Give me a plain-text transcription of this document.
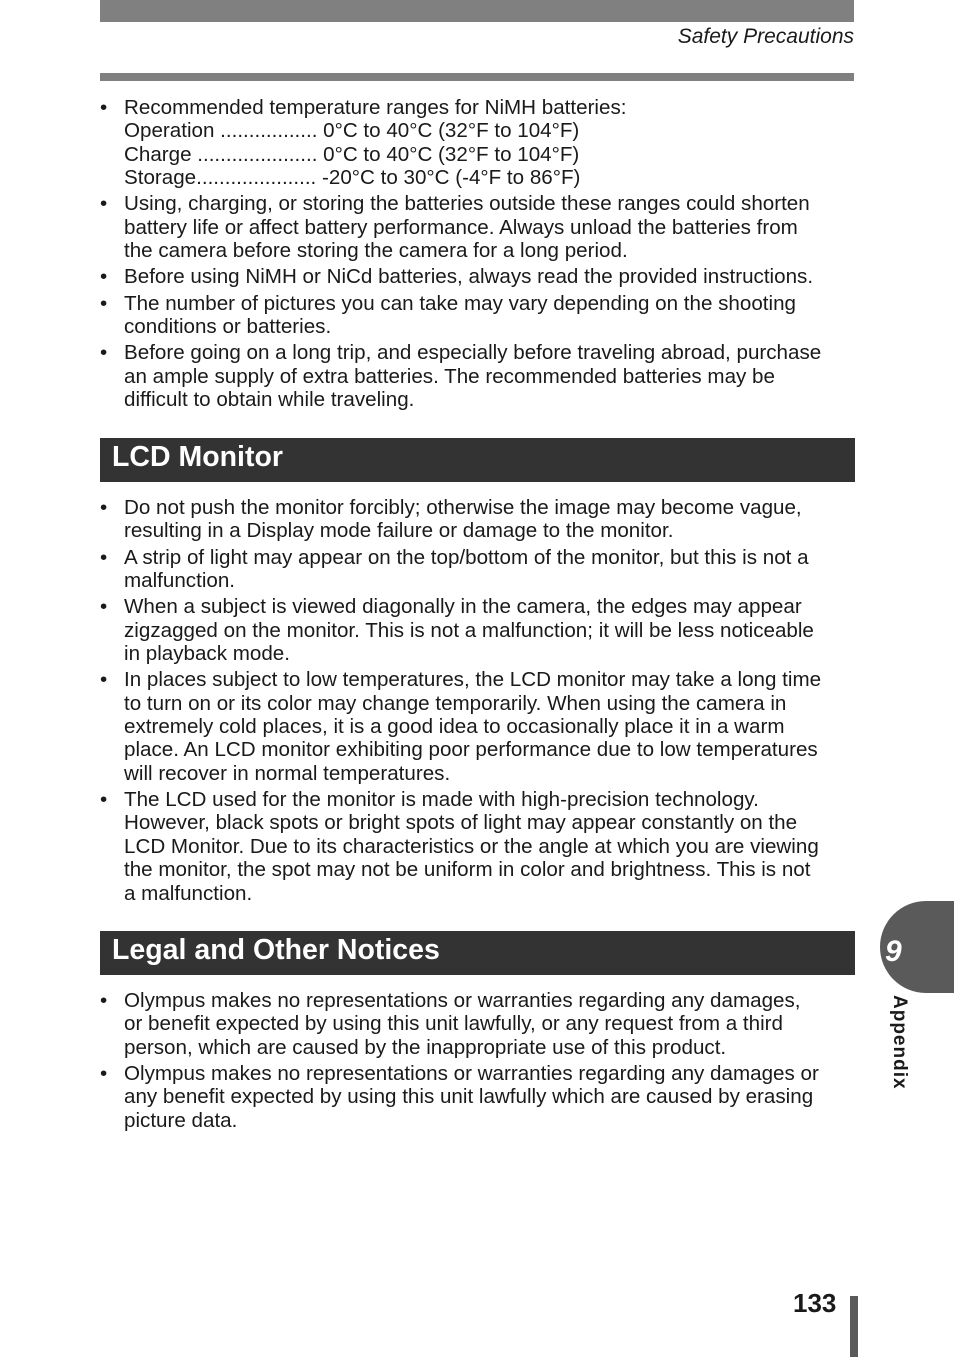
Safety Precautions
• Recommended temperature ranges for NiMH batteries:
Operation ................. 0°C to 40°C (32°F to 104°F)
Charge ..................... 0°C to 40°C (32°F to 104°F)
Storage..................... -20°C to 30°C (-4°F to 86°F)
• Using, charging, or storing the batteries outside these ranges could shorten
battery life or affect battery performance. Always unload the batteries from
the camera before storing the camera for a long period.
• Before using NiMH or NiCd batteries, always read the provided instructions.
• The number of pictures you can take may vary depending on the shooting
conditions or batteries.
• Before going on a long trip, and especially before traveling abroad, purchase
an ample supply of extra batteries. The recommended batteries may be
difficult to obtain while traveling.
LCD Monitor
• Do not push the monitor forcibly; otherwise the image may become vague,
resulting in a Display mode failure or damage to the monitor.
• A strip of light may appear on the top/bottom of the monitor, but this is not a
malfunction.
• When a subject is viewed diagonally in the camera, the edges may appear
zigzagged on the monitor. This is not a malfunction; it will be less noticeable
in playback mode.
• In places subject to low temperatures, the LCD monitor may take a long time
to turn on or its color may change temporarily. When using the camera in
extremely cold places, it is a good idea to occasionally place it in a warm
place. An LCD monitor exhibiting poor performance due to low temperatures
will recover in normal temperatures.
• The LCD used for the monitor is made with high-precision technology.
However, black spots or bright spots of light may appear constantly on the
LCD Monitor. Due to its characteristics or the angle at which you are viewing
the monitor, the spot may not be uniform in color and brightness. This is not
a malfunction.
Legal and Other Notices
• Olympus makes no representations or warranties regarding any damages,
or benefit expected by using this unit lawfully, or any request from a third
person, which are caused by the inappropriate use of this product.
• Olympus makes no representations or warranties regarding any damages or
any benefit expected by using this unit lawfully which are caused by erasing
picture data.
9
Appendix
133
